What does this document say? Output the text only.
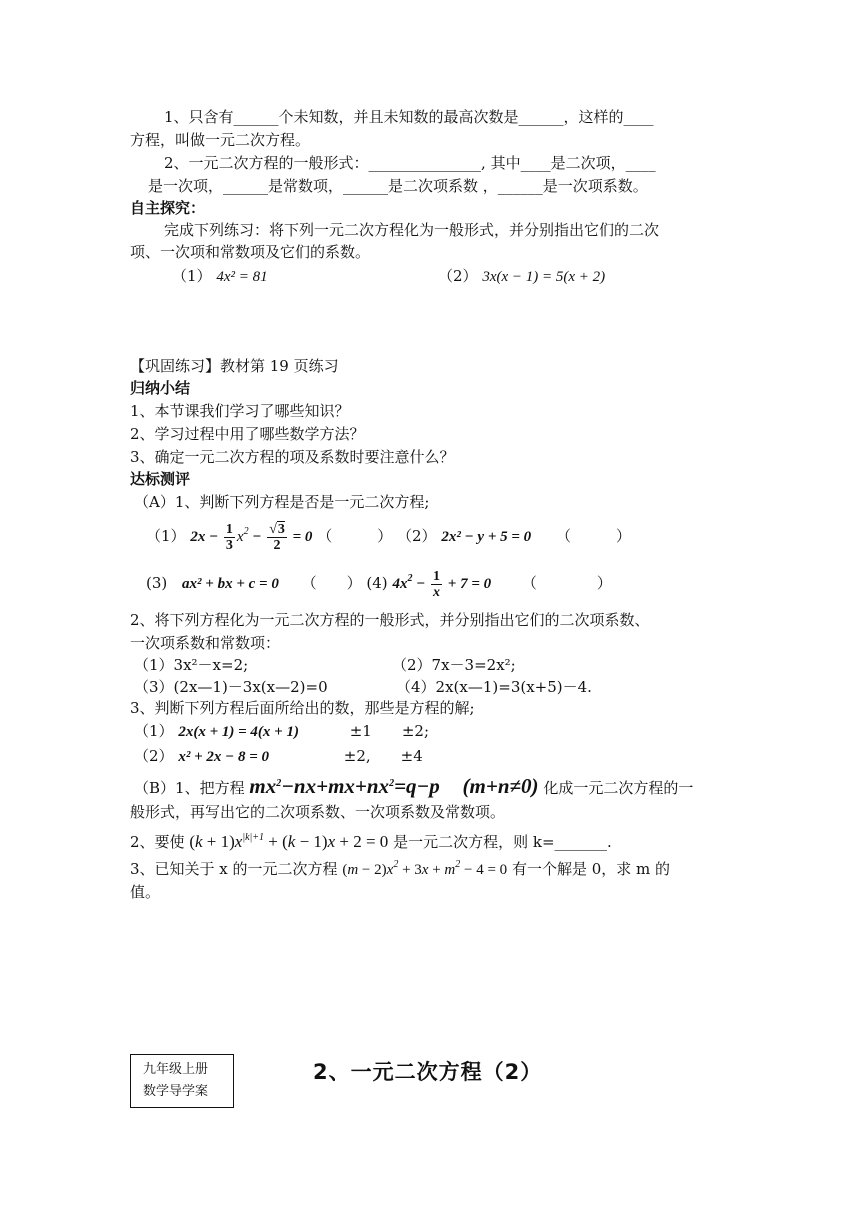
1、只含有______个未知数，并且未知数的最高次数是______，这样的____
方程，叫做一元二次方程。
2、一元二次方程的一般形式：_______________, 其中____是二次项，____
是一次项，______是常数项，______是二次项系数 ，______是一次项系数。
自主探究：
完成下列练习：将下列一元二次方程化为一般形式，并分别指出它们的二次
项、一次项和常数项及它们的系数。
（1） 4x² = 81	（2） 3x(x − 1) = 5(x + 2)
【巩固练习】教材第 19 页练习
归纳小结
1、本节课我们学习了哪些知识？
2、学习过程中用了哪些数学方法？
3、确定一元二次方程的项及系数时要注意什么？
达标测评
（A）1、判断下列方程是否是一元二次方程;
（1） $2x - \frac{1}{3} x^2 - \frac{√3}{2} = 0$ （　　　） （2） 2x² − y + 5 = 0 （　　　）
(3) ax² + bx + c = 0 （　　） (4) $4x^2 - \frac{1}{x} + 7 = 0$ （　　　　）
2、将下列方程化为一元二次方程的一般形式，并分别指出它们的二次项系数、
一次项系数和常数项：
（1）3x²－x=2;	（2）7x－3=2x²;
（3）(2x—1)－3x(x—2)=0	（4）2x(x—1)=3(x+5)－4.
3、判断下列方程后面所给出的数，那些是方程的解;
（1） 2x(x + 1) = 4(x + 1)	±1　　±2;
（2） x² + 2x − 8 = 0	±2,　　±4
（B）1、把方程 $mx^2-nx+mx+nx^2=q-p$ (m+n≠0) 化成一元二次方程的一
般形式，再写出它的二次项系数、一次项系数及常数项。
2、要使 $(k + 1)x^{|k|+1} + (k - 1)x + 2 = 0$ 是一元二次方程，则 k=_______.
3、已知关于 x 的一元二次方程 $(m - 2)x^2 + 3x + m^2 - 4 = 0$ 有一个解是 0，求 m 的
值。
九年级上册
数学导学案
2、一元二次方程（2）
